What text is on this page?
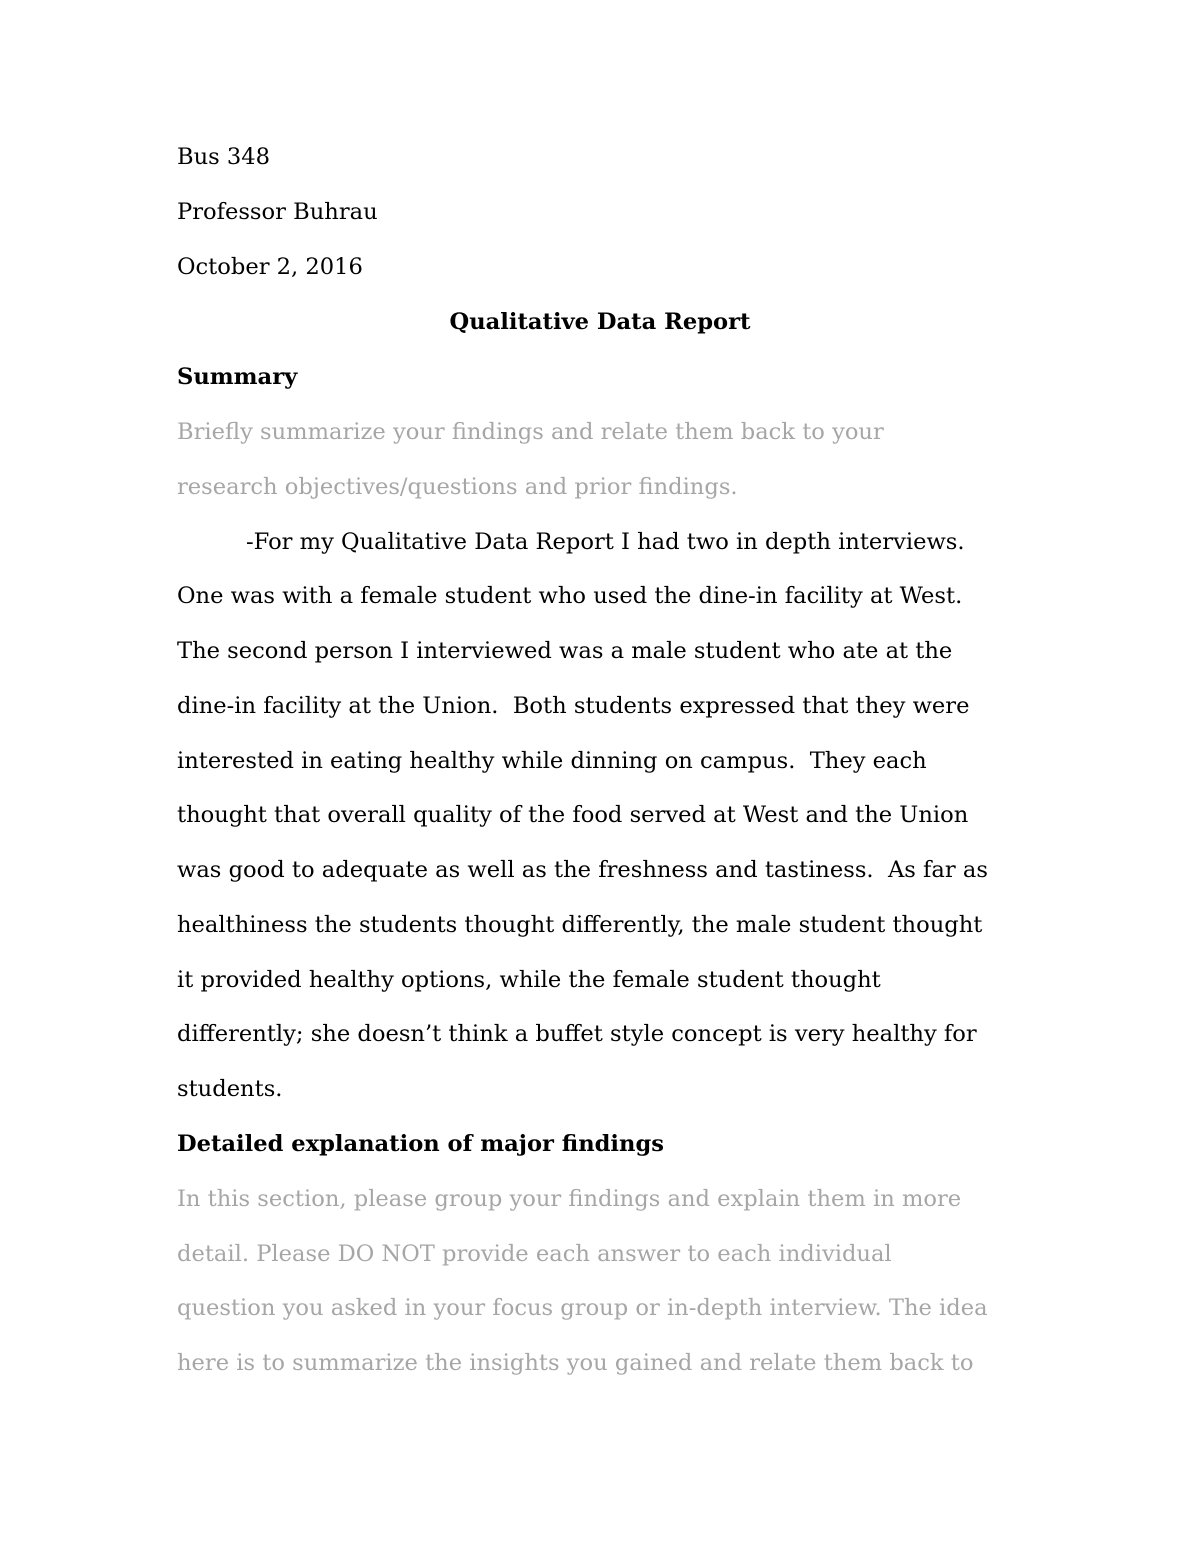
Bus 348
Professor Buhrau
October 2, 2016
Qualitative Data Report
Summary
Briefly summarize your findings and relate them back to your
research objectives/questions and prior findings.
-For my Qualitative Data Report I had two in depth interviews.
One was with a female student who used the dine-in facility at West.
The second person I interviewed was a male student who ate at the
dine-in facility at the Union.  Both students expressed that they were
interested in eating healthy while dinning on campus.  They each
thought that overall quality of the food served at West and the Union
was good to adequate as well as the freshness and tastiness.  As far as
healthiness the students thought differently, the male student thought
it provided healthy options, while the female student thought
differently; she doesn’t think a buffet style concept is very healthy for
students.
Detailed explanation of major findings
In this section, please group your findings and explain them in more
detail. Please DO NOT provide each answer to each individual
question you asked in your focus group or in-depth interview. The idea
here is to summarize the insights you gained and relate them back to
